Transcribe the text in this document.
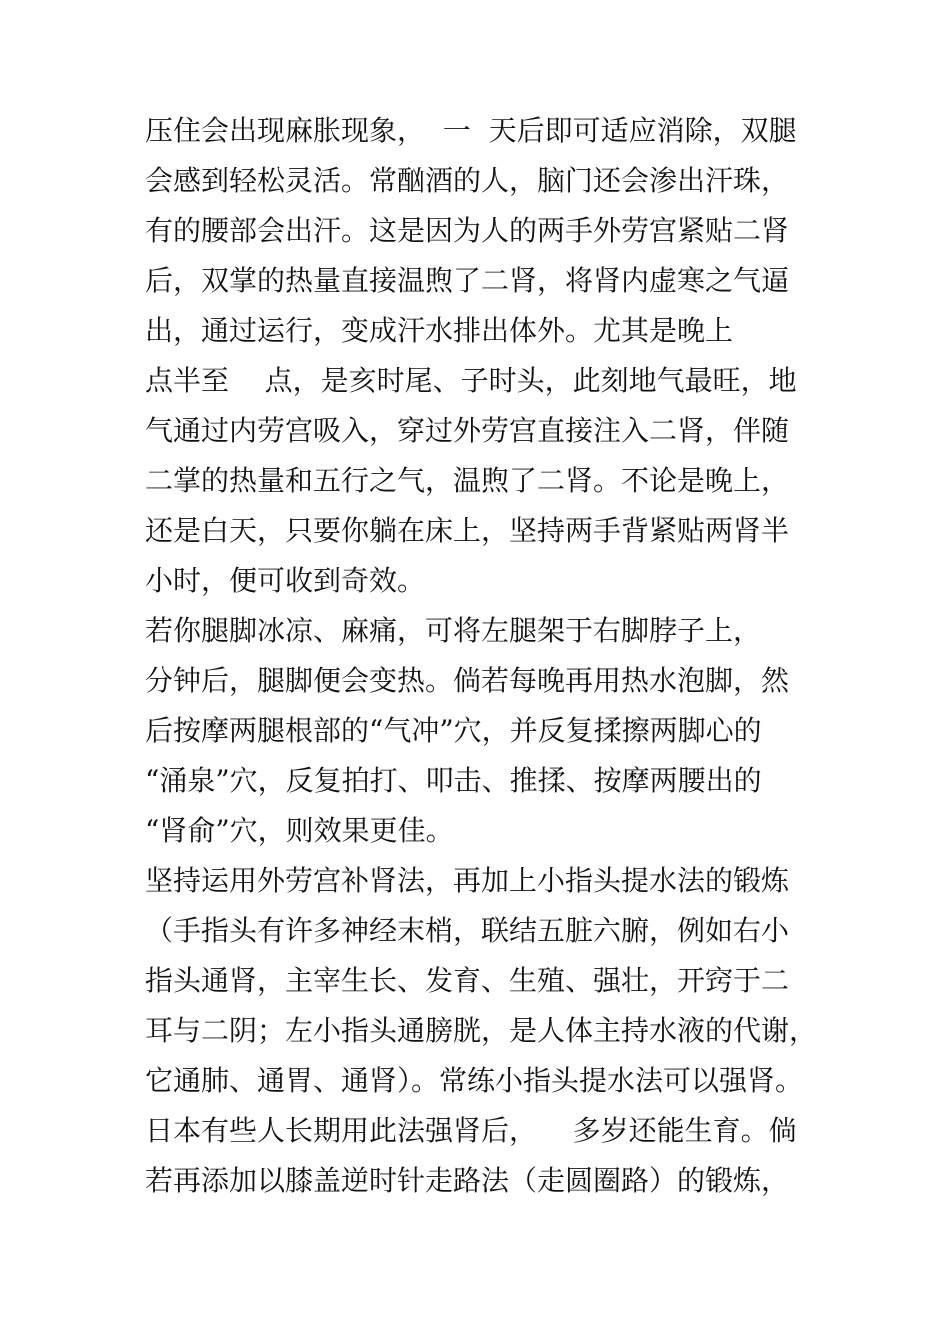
压住会出现麻胀现象，  一  天后即可适应消除，双腿
会感到轻松灵活。常酗酒的人，脑门还会渗出汗珠，
有的腰部会出汗。这是因为人的两手外劳宫紧贴二肾
后，双掌的热量直接温煦了二肾，将肾内虚寒之气逼
出，通过运行，变成汗水排出体外。尤其是晚上
点半至    点，是亥时尾、子时头，此刻地气最旺，地
气通过内劳宫吸入，穿过外劳宫直接注入二肾，伴随
二掌的热量和五行之气，温煦了二肾。不论是晚上，
还是白天，只要你躺在床上，坚持两手背紧贴两肾半
小时，便可收到奇效。
若你腿脚冰凉、麻痛，可将左腿架于右脚脖子上，
分钟后，腿脚便会变热。倘若每晚再用热水泡脚，然
后按摩两腿根部的“气冲”穴，并反复揉擦两脚心的
“涌泉”穴，反复拍打、叩击、推揉、按摩两腰出的
“肾俞”穴，则效果更佳。
坚持运用外劳宫补肾法，再加上小指头提水法的锻炼
（手指头有许多神经末梢，联结五脏六腑，例如右小
指头通肾，主宰生长、发育、生殖、强壮，开窍于二
耳与二阴；左小指头通膀胱，是人体主持水液的代谢，
它通肺、通胃、通肾）。常练小指头提水法可以强肾。
日本有些人长期用此法强肾后，    多岁还能生育。倘
若再添加以膝盖逆时针走路法（走圆圈路）的锻炼，
